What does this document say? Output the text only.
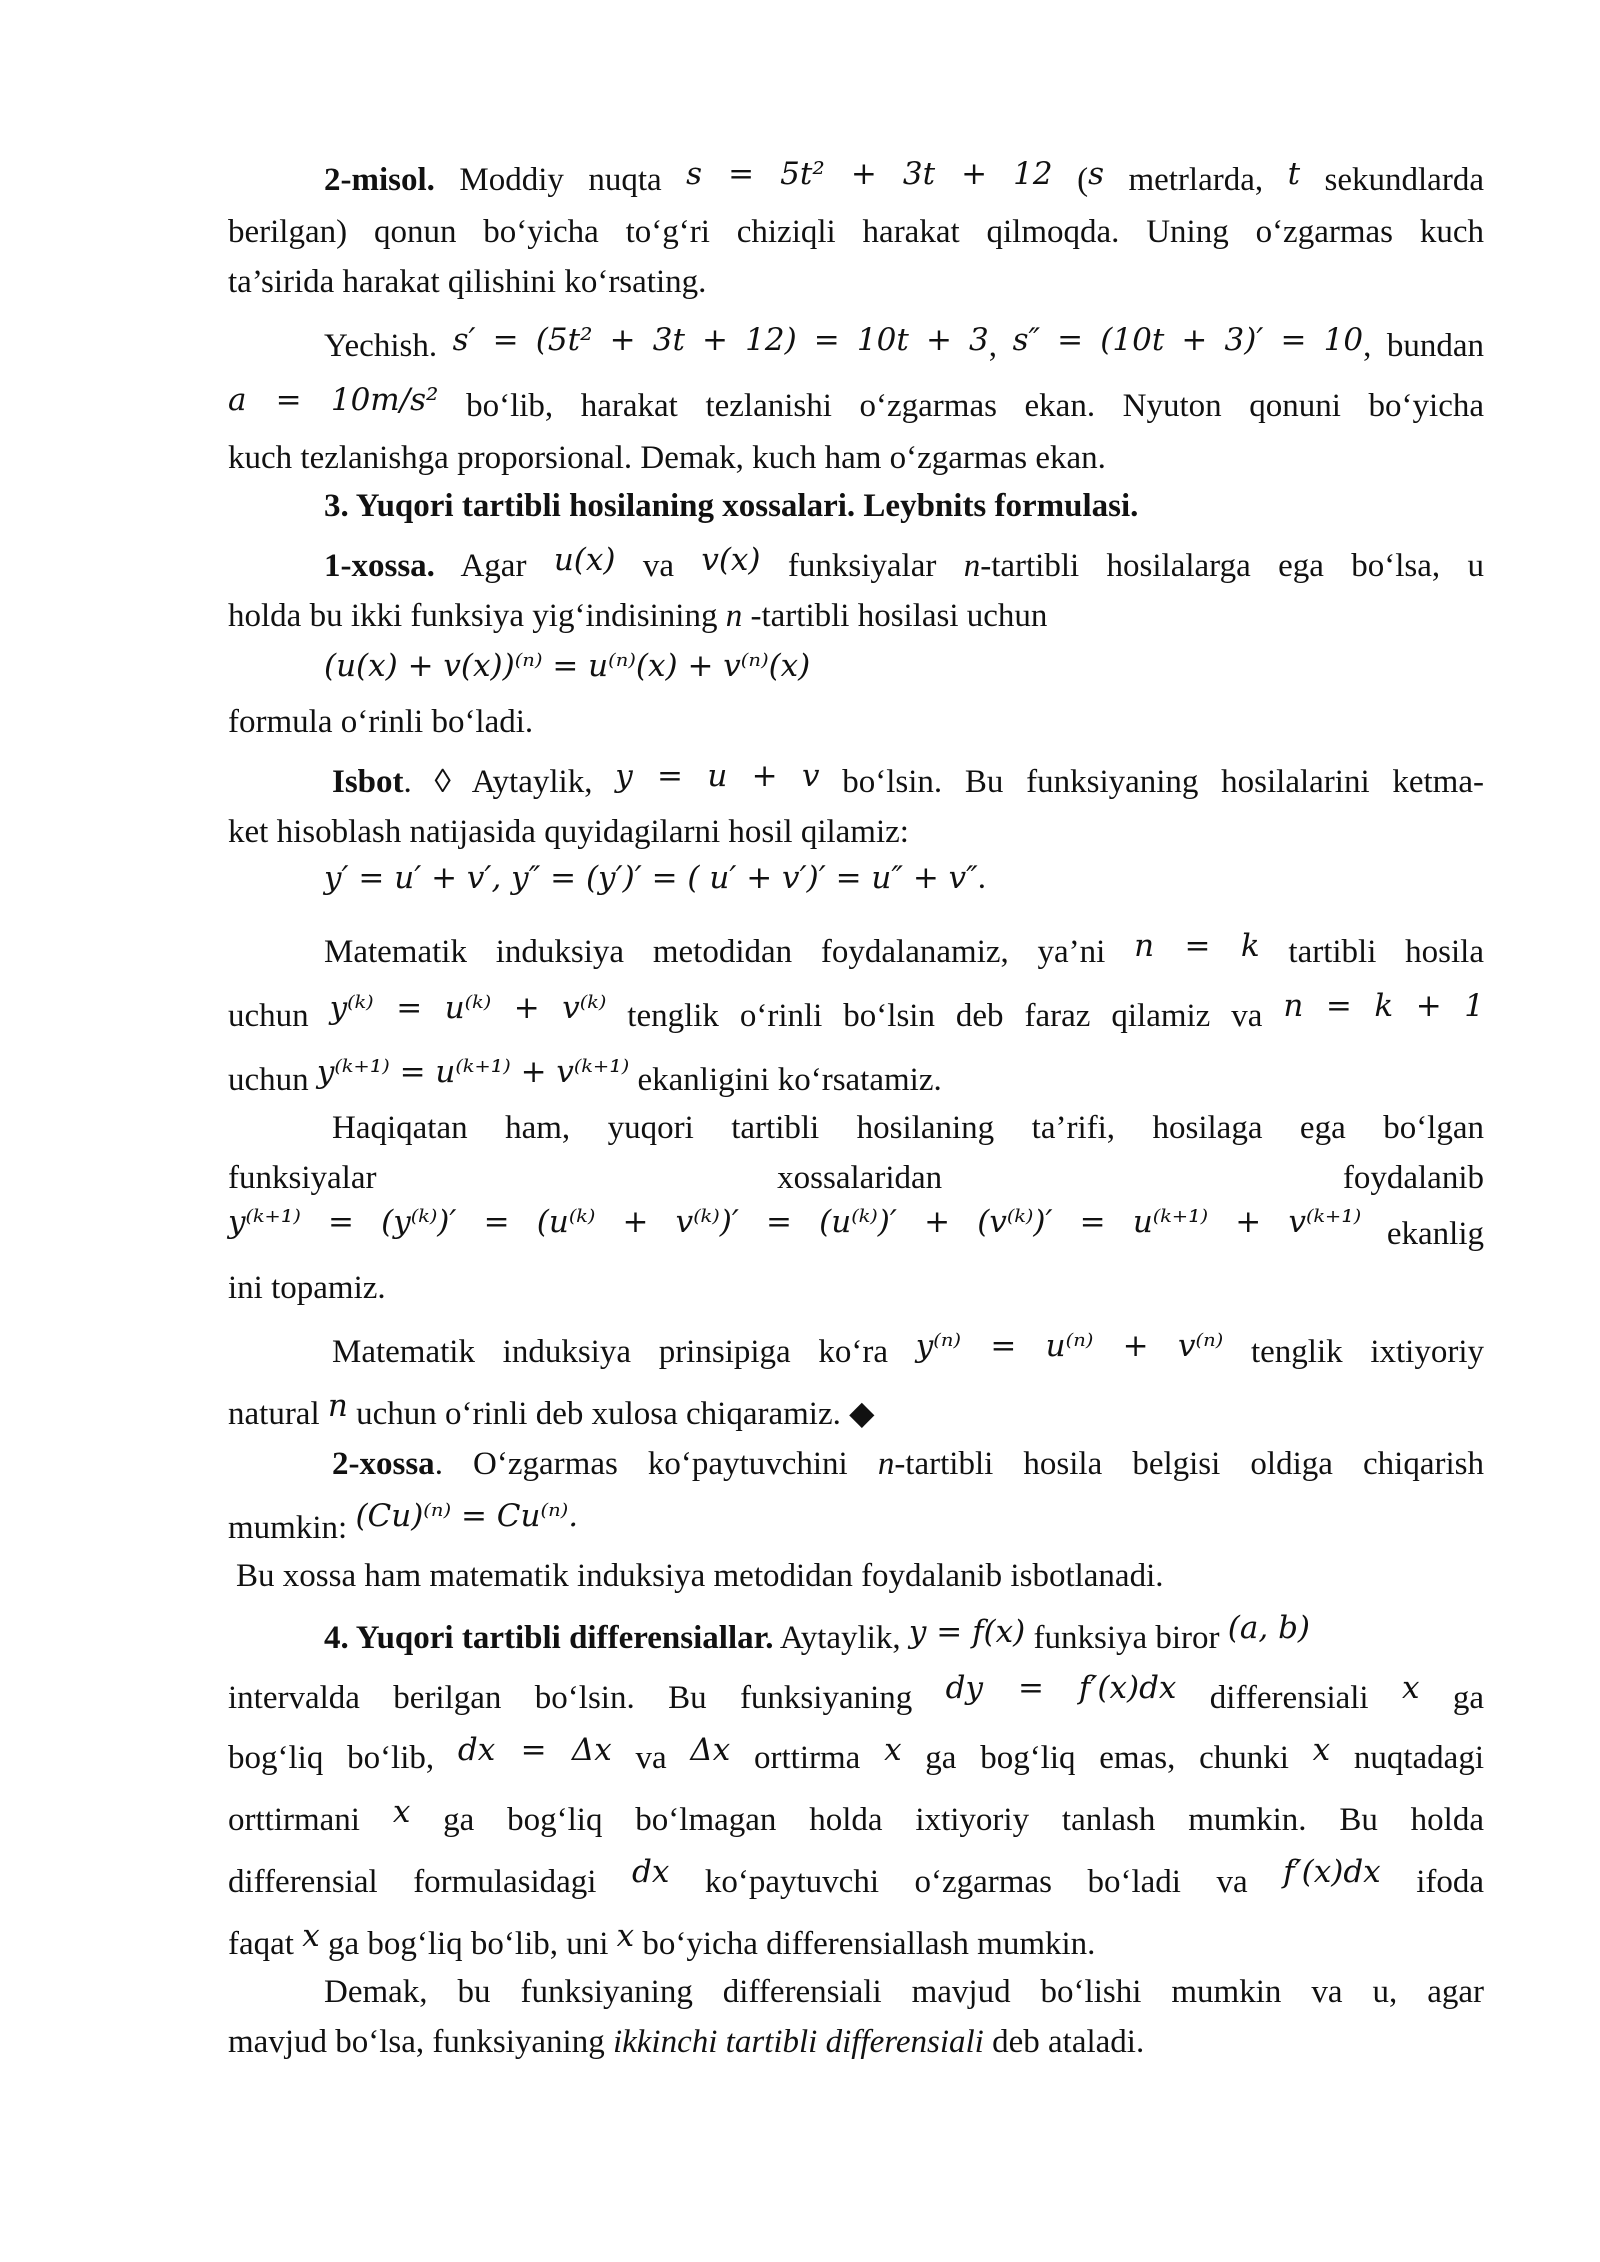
2-misol. Moddiy nuqta s = 5t² + 3t + 12 (s metrlarda, t sekundlarda
berilgan) qonun bo‘yicha to‘g‘ri chiziqli harakat qilmoqda. Uning o‘zgarmas kuch
ta’sirida harakat qilishini ko‘rsating.
Yechish. s′ = (5t² + 3t + 12) = 10t + 3, s″ = (10t + 3)′ = 10, bundan
a = 10m/s² bo‘lib, harakat tezlanishi o‘zgarmas ekan. Nyuton qonuni bo‘yicha
kuch tezlanishga proporsional. Demak, kuch ham o‘zgarmas ekan.
3. Yuqori tartibli hosilaning xossalari. Leybnits formulasi.
1-xossa. Agar u(x) va v(x) funksiyalar n-tartibli hosilalarga ega bo‘lsa, u
holda bu ikki funksiya yig‘indisining n -tartibli hosilasi uchun
(u(x) + v(x))⁽ⁿ⁾ = u⁽ⁿ⁾(x) + v⁽ⁿ⁾(x)
formula o‘rinli bo‘ladi.
Isbot. ◊ Aytaylik, y = u + v bo‘lsin. Bu funksiyaning hosilalarini ketma-
ket hisoblash natijasida quyidagilarni hosil qilamiz:
y′ = u′ + v′, y″ = (y′)′ = ( u′ + v′)′ = u″ + v″.
Matematik induksiya metodidan foydalanamiz, ya’ni n = k tartibli hosila
uchun y⁽ᵏ⁾ = u⁽ᵏ⁾ + v⁽ᵏ⁾ tenglik o‘rinli bo‘lsin deb faraz qilamiz va n = k + 1
uchun y⁽ᵏ⁺¹⁾ = u⁽ᵏ⁺¹⁾ + v⁽ᵏ⁺¹⁾ ekanligini ko‘rsatamiz.
Haqiqatan ham, yuqori tartibli hosilaning ta’rifi, hosilaga ega bo‘lgan
funksiyalar xossalaridan foydalanib
y⁽ᵏ⁺¹⁾ = (y⁽ᵏ⁾)′ = (u⁽ᵏ⁾ + v⁽ᵏ⁾)′ = (u⁽ᵏ⁾)′ + (v⁽ᵏ⁾)′ = u⁽ᵏ⁺¹⁾ + v⁽ᵏ⁺¹⁾ ekanlig
ini topamiz.
Matematik induksiya prinsipiga ko‘ra y⁽ⁿ⁾ = u⁽ⁿ⁾ + v⁽ⁿ⁾ tenglik ixtiyoriy
natural n uchun o‘rinli deb xulosa chiqaramiz. ◆
2-xossa. O‘zgarmas ko‘paytuvchini n-tartibli hosila belgisi oldiga chiqarish
mumkin: (Cu)⁽ⁿ⁾ = Cu⁽ⁿ⁾.
Bu xossa ham matematik induksiya metodidan foydalanib isbotlanadi.
4. Yuqori tartibli differensiallar. Aytaylik, y = f(x) funksiya biror (a, b)
intervalda berilgan bo‘lsin. Bu funksiyaning dy = f′(x)dx differensiali x ga
bog‘liq bo‘lib, dx = Δx va Δx orttirma x ga bog‘liq emas, chunki x nuqtadagi
orttirmani x ga bog‘liq bo‘lmagan holda ixtiyoriy tanlash mumkin. Bu holda
differensial formulasidagi dx ko‘paytuvchi o‘zgarmas bo‘ladi va f′(x)dx ifoda
faqat x ga bog‘liq bo‘lib, uni x bo‘yicha differensiallash mumkin.
Demak, bu funksiyaning differensiali mavjud bo‘lishi mumkin va u, agar
mavjud bo‘lsa, funksiyaning ikkinchi tartibli differensiali deb ataladi.
